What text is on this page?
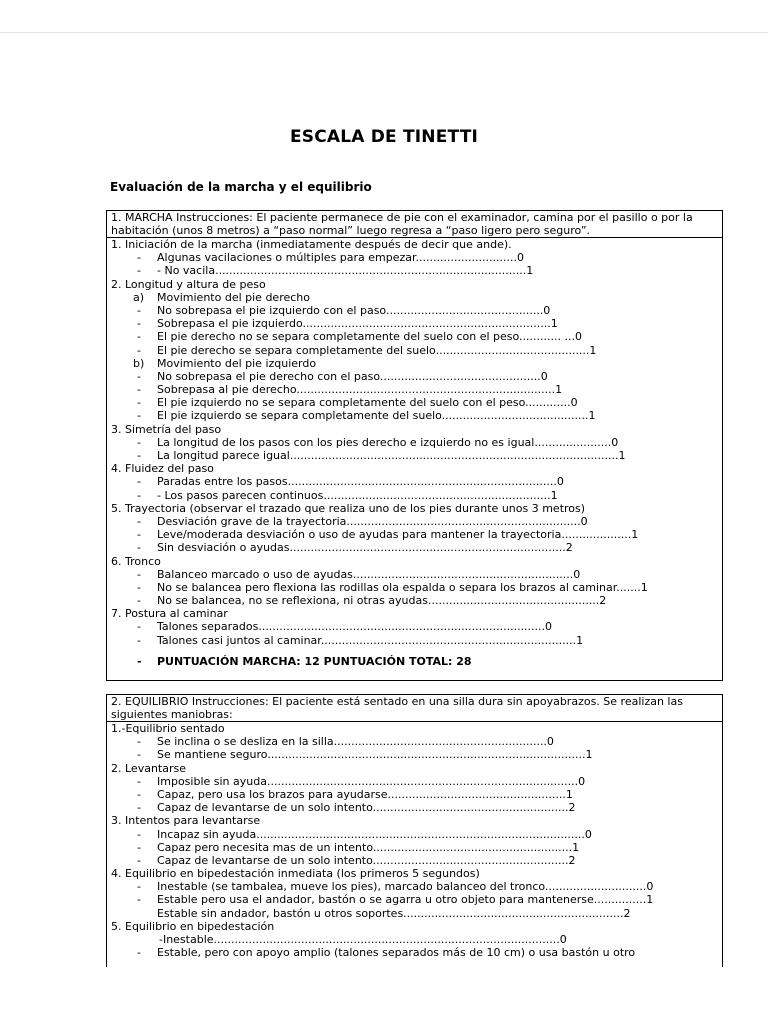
ESCALA DE TINETTI
Evaluación de la marcha y el equilibrio
1. MARCHA Instrucciones: El paciente permanece de pie con el examinador, camina por el pasillo o por la habitación (unos 8 metros) a “paso normal” luego regresa a “paso ligero pero seguro”.
1. Iniciación de la marcha (inmediatamente después de decir que ande).
- Algunas vacilaciones o múltiples para empezar.............................0
- - No vacila.........................................................................................1
2. Longitud y altura de peso
a) Movimiento del pie derecho
- No sobrepasa el pie izquierdo con el paso.............................................0
- Sobrepasa el pie izquierdo.......................................................................1
- El pie derecho no se separa completamente del suelo con el peso............ ...0
- El pie derecho se separa completamente del suelo............................................1
b) Movimiento del pie izquierdo
- No sobrepasa el pie derecho con el paso..............................................0
- Sobrepasa al pie derecho..........................................................................1
- El pie izquierdo no se separa completamente del suelo con el peso.............0
- El pie izquierdo se separa completamente del suelo..........................................1
3. Simetría del paso
- La longitud de los pasos con los pies derecho e izquierdo no es igual......................0
- La longitud parece igual..............................................................................................1
4. Fluidez del paso
- Paradas entre los pasos.............................................................................0
- - Los pasos parecen continuos.................................................................1
5. Trayectoria (observar el trazado que realiza uno de los pies durante unos 3 metros)
- Desviación grave de la trayectoria...................................................................0
- Leve/moderada desviación o uso de ayudas para mantener la trayectoria....................1
- Sin desviación o ayudas...............................................................................2
6. Tronco
- Balanceo marcado o uso de ayudas...............................................................0
- No se balancea pero flexiona las rodillas ola espalda o separa los brazos al caminar.......1
- No se balancea, no se reflexiona, ni otras ayudas.................................................2
7. Postura al caminar
- Talones separados..................................................................................0
- Talones casi juntos al caminar.........................................................................1
- PUNTUACIÓN MARCHA: 12 PUNTUACIÓN TOTAL: 28
2. EQUILIBRIO Instrucciones: El paciente está sentado en una silla dura sin apoyabrazos. Se realizan las siguientes maniobras:
1.-Equilibrio sentado
- Se inclina o se desliza en la silla.............................................................0
- Se mantiene seguro...........................................................................................1
2. Levantarse
- Imposible sin ayuda.........................................................................................0
- Capaz, pero usa los brazos para ayudarse...................................................1
- Capaz de levantarse de un solo intento........................................................2
3. Intentos para levantarse
- Incapaz sin ayuda..............................................................................................0
- Capaz pero necesita mas de un intento.........................................................1
- Capaz de levantarse de un solo intento........................................................2
4. Equilibrio en bipedestación inmediata (los primeros 5 segundos)
- Inestable (se tambalea, mueve los pies), marcado balanceo del tronco.............................0
- Estable pero usa el andador, bastón o se agarra u otro objeto para mantenerse...............1
Estable sin andador, bastón u otros soportes...............................................................2
5. Equilibrio en bipedestación
-Inestable...................................................................................................0
- Estable, pero con apoyo amplio (talones separados más de 10 cm) o usa bastón u otro
